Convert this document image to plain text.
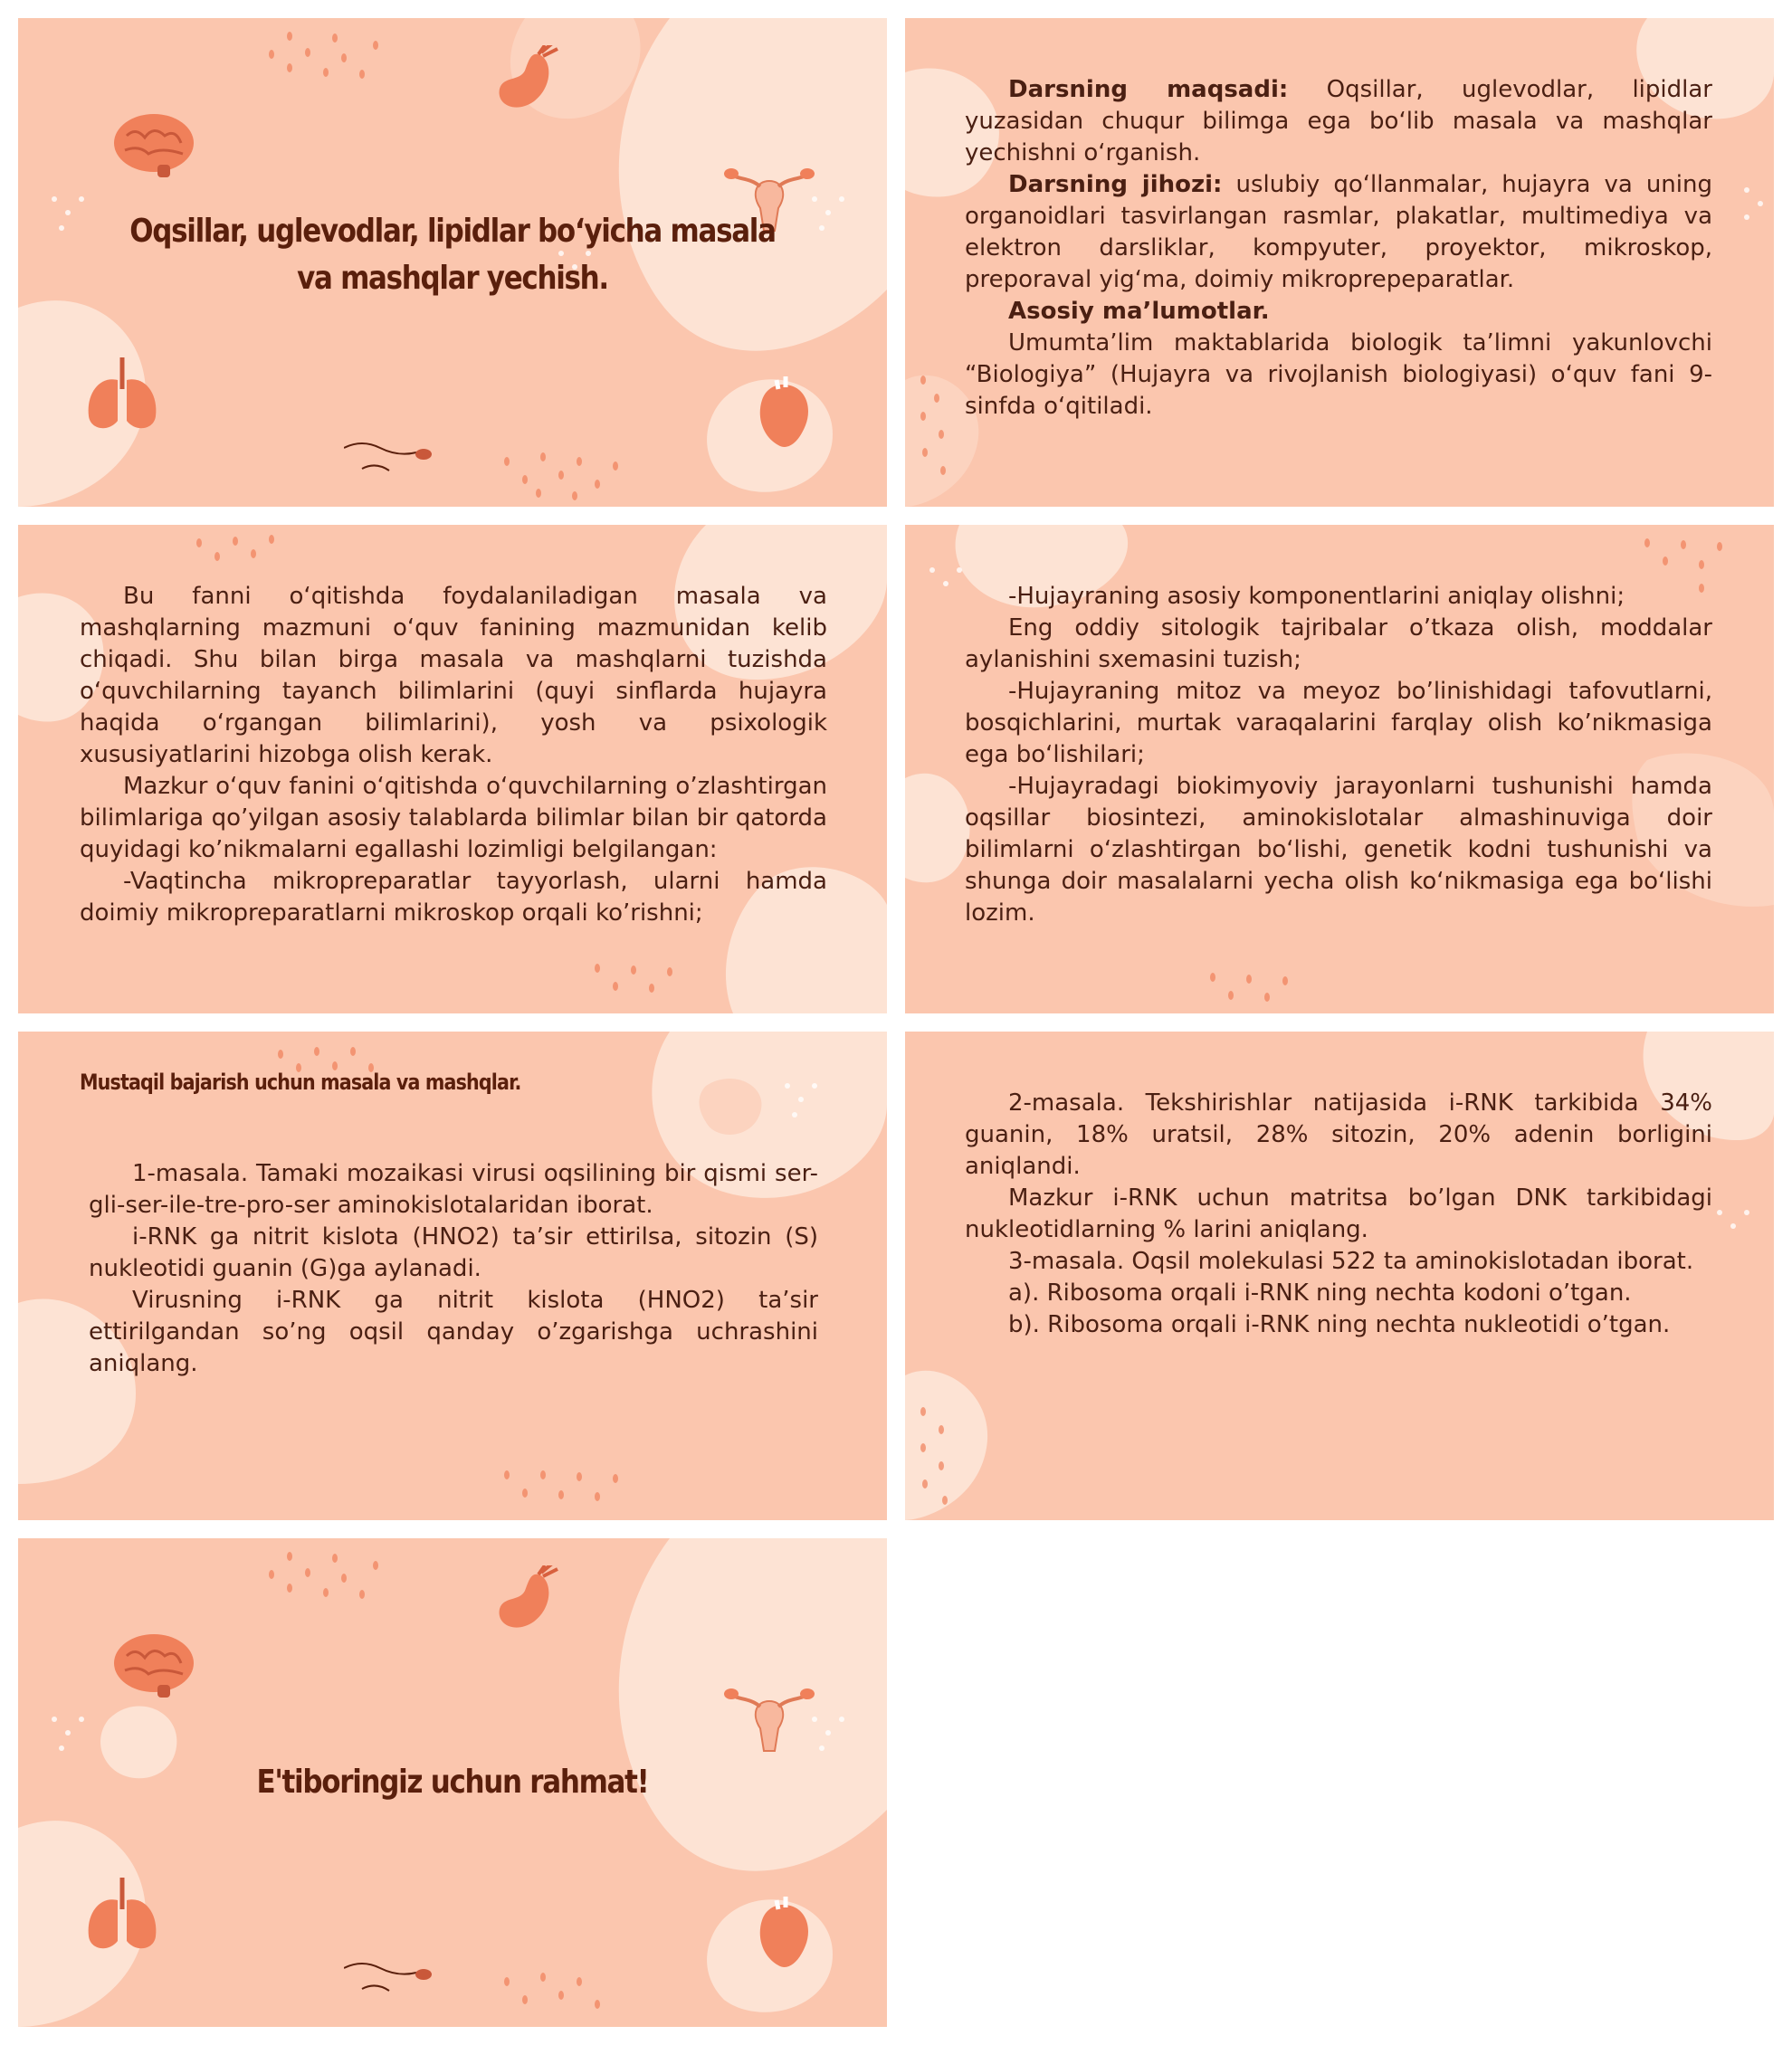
Oqsillar, uglevodlar, lipidlar bo‘yicha masala va mashqlar yechish.

Darsning maqsadi: Oqsillar, uglevodlar, lipidlar yuzasidan chuqur bilimga ega bo‘lib masala va mashqlar yechishni o‘rganish.

Darsning jihozi: uslubiy qo‘llanmalar, hujayra va uning organoidlari tasvirlangan rasmlar, plakatlar, multimediya va elektron darsliklar, kompyuter, proyektor, mikroskop, preporaval yig‘ma, doimiy mikroprepeparatlar.

Asosiy ma’lumotlar.

Umumta’lim maktablarida biologik ta’limni yakunlovchi “Biologiya” (Hujayra va rivojlanish biologiyasi) o‘quv fani 9-sinfda o‘qitiladi.

Bu fanni o‘qitishda foydalaniladigan masala va mashqlarning mazmuni o‘quv fanining mazmunidan kelib chiqadi. Shu bilan birga masala va mashqlarni tuzishda o‘quvchilarning tayanch bilimlarini (quyi sinflarda hujayra haqida o‘rgangan bilimlarini), yosh va psixologik xususiyatlarini hizobga olish kerak.

Mazkur o‘quv fanini o‘qitishda o‘quvchilarning o’zlashtirgan bilimlariga qo’yilgan asosiy talablarda bilimlar bilan bir qatorda quyidagi ko’nikmalarni egallashi lozimligi belgilangan:

-Vaqtincha mikropreparatlar tayyorlash, ularni hamda doimiy mikropreparatlarni mikroskop orqali ko’rishni;

-Hujayraning asosiy komponentlarini aniqlay olishni;

Eng oddiy sitologik tajribalar o’tkaza olish, moddalar aylanishini sxemasini tuzish;

-Hujayraning mitoz va meyoz bo’linishidagi tafovutlarni, bosqichlarini, murtak varaqalarini farqlay olish ko’nikmasiga ega bo‘lishilari;

-Hujayradagi biokimyoviy jarayonlarni tushunishi hamda oqsillar biosintezi, aminokislotalar almashinuviga doir bilimlarni o‘zlashtirgan bo‘lishi, genetik kodni tushunishi va shunga doir masalalarni yecha olish ko‘nikmasiga ega bo‘lishi lozim.

Mustaqil bajarish uchun masala va mashqlar.

1-masala. Tamaki mozaikasi virusi oqsilining bir qismi ser-gli-ser-ile-tre-pro-ser aminokislotalaridan iborat.

i-RNK ga nitrit kislota (HNO2) ta’sir ettirilsa, sitozin (S) nukleotidi guanin (G)ga aylanadi.

Virusning i-RNK ga nitrit kislota (HNO2) ta’sir ettirilgandan so’ng oqsil qanday o’zgarishga uchrashini aniqlang.

2-masala. Tekshirishlar natijasida i-RNK tarkibida 34% guanin, 18% uratsil, 28% sitozin, 20% adenin borligini aniqlandi.

Mazkur i-RNK uchun matritsa bo’lgan DNK tarkibidagi nukleotidlarning % larini aniqlang.

3-masala. Oqsil molekulasi 522 ta aminokislotadan iborat.

a). Ribosoma orqali i-RNK ning nechta kodoni o’tgan.

b). Ribosoma orqali i-RNK ning nechta nukleotidi o’tgan.

E'tiboringiz uchun rahmat!
